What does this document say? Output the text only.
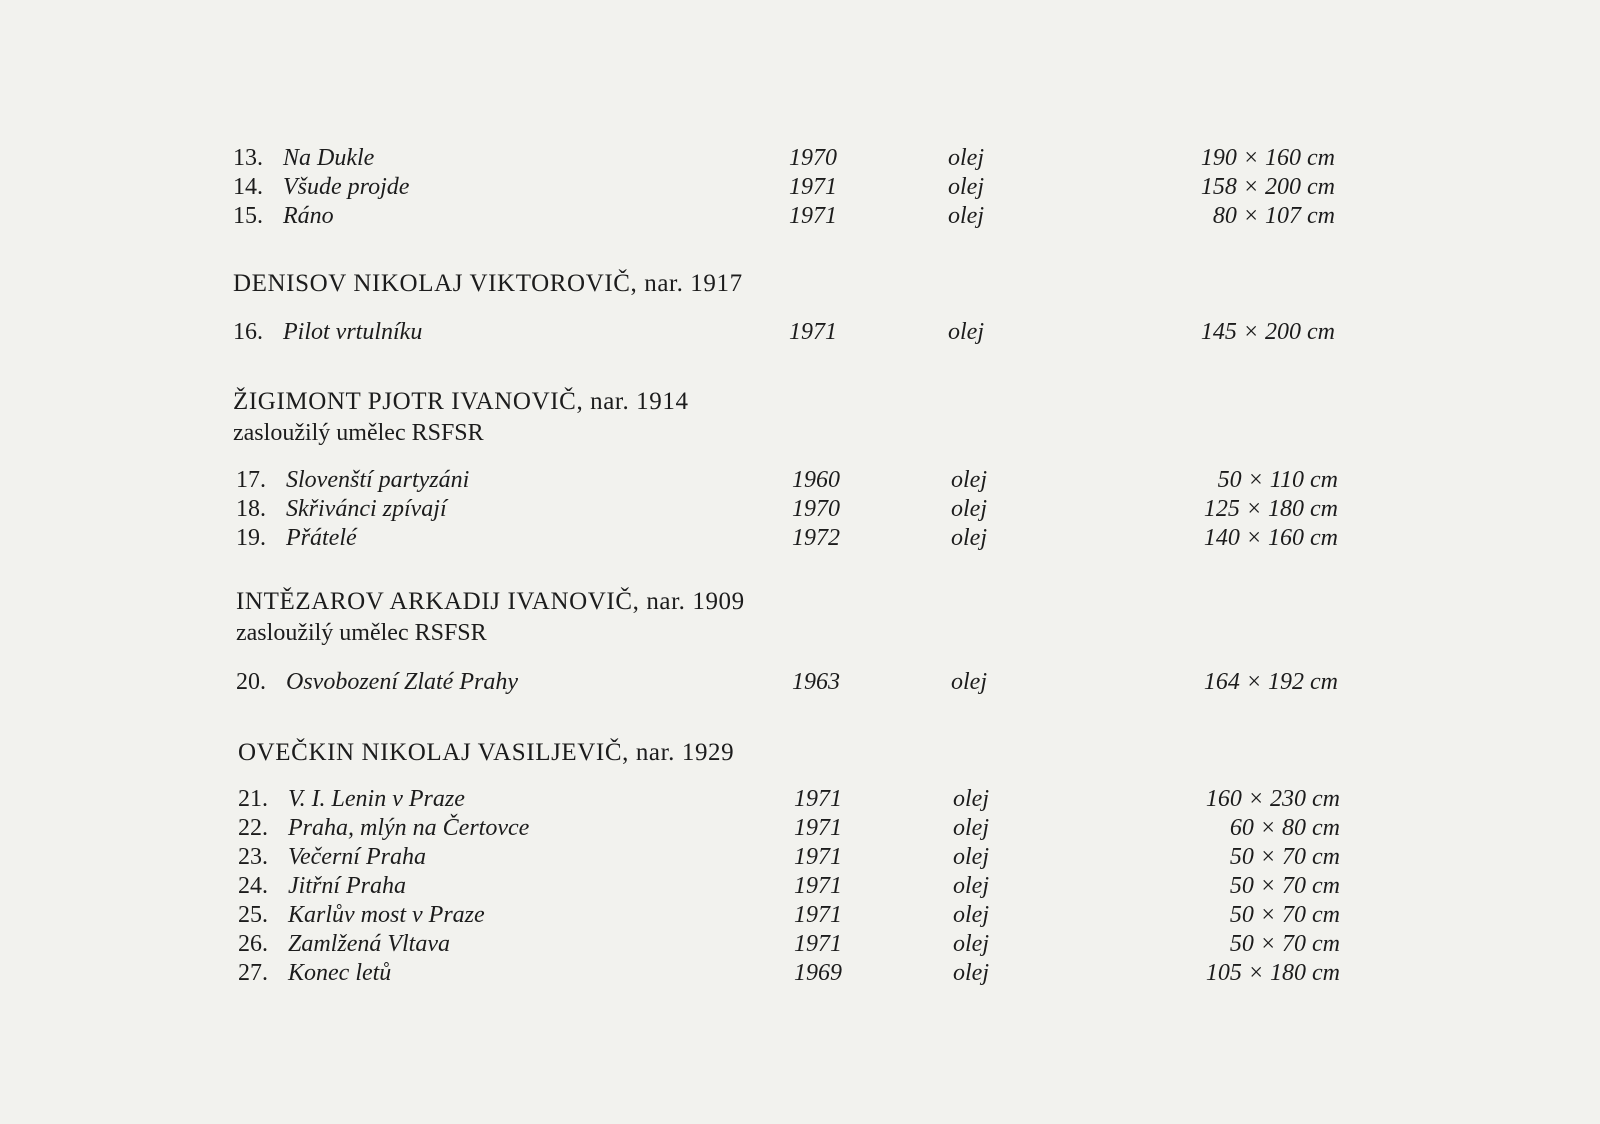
13. Na Dukle	1970	olej	190 × 160 cm
14. Všude projde	1971	olej	158 × 200 cm
15. Ráno	1971	olej	80 × 107 cm
DENISOV NIKOLAJ VIKTOROVIČ, nar. 1917
16. Pilot vrtulníku	1971	olej	145 × 200 cm
ŽIGIMONT PJOTR IVANOVIČ, nar. 1914
zasloužilý umělec RSFSR
17. Slovenští partyzáni	1960	olej	50 × 110 cm
18. Skřivánci zpívají	1970	olej	125 × 180 cm
19. Přátelé	1972	olej	140 × 160 cm
INTĚZAROV ARKADIJ IVANOVIČ, nar. 1909
zasloužilý umělec RSFSR
20. Osvobození Zlaté Prahy	1963	olej	164 × 192 cm
OVEČKIN NIKOLAJ VASILJEVIČ, nar. 1929
21. V. I. Lenin v Praze	1971	olej	160 × 230 cm
22. Praha, mlýn na Čertovce	1971	olej	60 × 80 cm
23. Večerní Praha	1971	olej	50 × 70 cm
24. Jitřní Praha	1971	olej	50 × 70 cm
25. Karlův most v Praze	1971	olej	50 × 70 cm
26. Zamlžená Vltava	1971	olej	50 × 70 cm
27. Konec letů	1969	olej	105 × 180 cm
